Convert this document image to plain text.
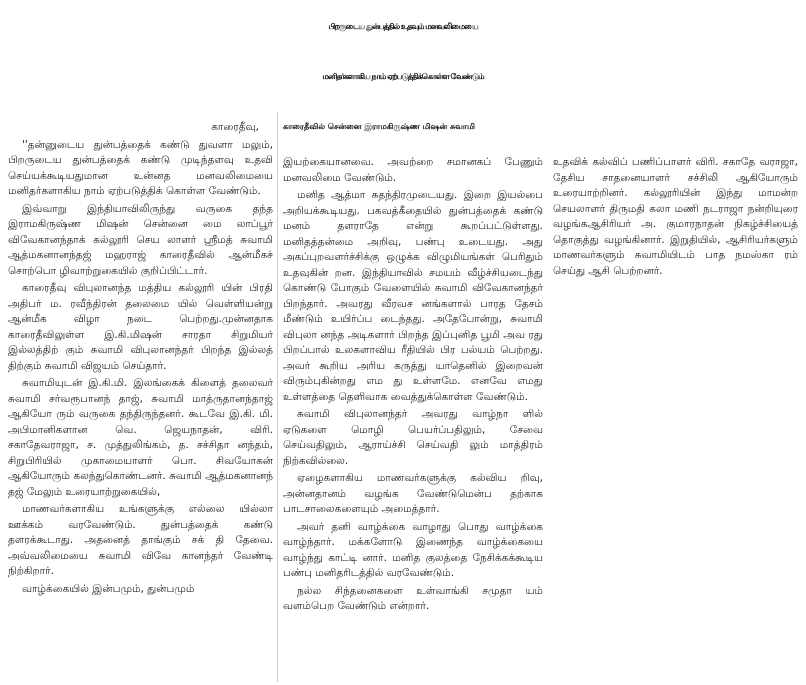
பிறருடைய துன்பத்தில் உதவும் மனவலிமையை
மனிதர்களாகிய நாம் ஏற்படுத்திக்கொள்ள வேண்டும்
காரைதீவில் சென்னை இராமகிருஷ்ண மிஷன் சுவாமி

காரைதீவு,

''தன்னுடைய துன்பத்தைக் கண்டு துவளா மலும், பிறருடைய துன்பத்தைக் கண்டு முடிந்தளவு உதவி செய்யக்கூடியதுமான உன்னத மனவலிமையை மனிதர்களாகிய நாம் ஏற்படுத்திக் கொள்ள வேண்டும்.

இவ்வாறு இந்தியாவிலிருந்து வருகை தந்த இராமகிருஷ்ண மிஷன் சென்னை மை லாப்பூர் விவேகானந்தாக் கல்லூரி செய லாளர் ஸ்ரீமத் சுவாமி ஆத்மகனானந்தஜ் மஹராஜ் காரைதீவில் ஆன்மீகச் சொற்பொ ழிவாற்றுகையில் குறிப்பிட்டார்.

காரைதீவு விபுலானந்த மத்திய கல்லூரி யின் பிரதி அதிபர் ம. ரவீந்திரன் தலைமை யில் வெள்ளியன்று ஆன்மீக விழா நடை பெற்றது.முன்னதாக காரைதீவிலுள்ள இ.கி.மிஷன் சாரதா சிறுமியர் இல்லத்திற் கும் சுவாமி விபுலானந்தர் பிறந்த இல்லத் திற்கும் சுவாமி விஜயம் செய்தார்.

சுவாமியுடன் இ.கி.மி. இலங்கைக் கிளைத் தலைவர் சுவாமி சர்வரூபானந் தாஜ், சுவாமி மாத்ருதானந்தாஜ் ஆகியோ ரும் வருகை தந்திருந்தனர். கூடவே இ.கி. மி. அபிமானிகளான வெ. ஜெயநாதன், விரி. சகாதேவராஜா, ச. முத்துலிங்கம், த. சச்சிதா னந்தம், சிறுபிரியில் முகாமையாளர் பொ. சிவயோகன் ஆகியோரும் கலந்துகொண்டனர். சுவாமி ஆத்மகனானந் தஜ் மேலும் உரையாற்றுகையில்,

மாணவர்களாகிய உங்களுக்கு எல்லை யில்லா ஊக்கம் வரவேண்டும். துன்பத்தைக் கண்டு தளரக்கூடாது. அதனைத் தாங்கும் சக் தி தேவை. அவ்வலிமையை சுவாமி விவே கானந்தர் வேண்டி நிற்கிறார்.

வாழ்க்கையில் இன்பமும், துன்பமும்

இயற்கையானவை. அவற்றை சமானகப் பேணும் மனவலிமை வேண்டும்.

மனித ஆத்மா சுதந்திரமுடையது. இறை இயல்பை அறியக்கூடியது. பகவத்கீதையில் துன்பத்தைக் கண்டு மனம் தளராதே என்று கூறப்பட்டுள்ளது. மனிதத்தன்மை அறிவு, பண்பு உடையது. அது அகப்புறவளர்ச்சிக்கு ஒழுக்க விழுமியங்கள் பெரிதும் உதவுகின் றன. இந்தியாவில் சமயம் வீழ்ச்சியடைந்து கொண்டு போகும் வேளையில் சுவாமி விவேகானந்தர் பிறந்தார். அவரது வீரவச னங்களால் பாரத தேசம் மீண்டும் உயிர்ப்ப டைந்தது. அதேபோன்று, சுவாமி விபுலா னந்த அடிகளார் பிறந்த இப்புனித பூமி அவ ரது பிறப்பால் உலகளாவிய ரீதியில் பிர பல்யம் பெற்றது. அவர் கூறிய அரிய கருத்து யாதெனில் இறைவன் விரும்புகின்றது எம து உள்ளமே. எனவே எமது உள்ளத்தை தெளிவாக வைத்துக்கொள்ள வேண்டும்.

சுவாமி விபுலானந்தர் அவரது வாழ்நா ளில் ஏடுகளை மொழி பெயர்ப்பதிலும், சேவை செய்வதிலும், ஆராய்ச்சி செய்வதி லும் மாத்திரம் நிற்கவில்லை.

ஏழைகளாகிய மாணவர்களுக்கு கல்விய றிவு, அன்னதானம் வழங்க வேண்டுமென்ப தற்காக பாடசாலைகளையும் அமைத்தார்.

அவர் தனி வாழ்க்கை வாழாது பொது வாழ்க்கை வாழ்ந்தார். மக்களோடு இணைந்த வாழ்க்கையை வாழ்ந்து காட்டி னார். மனித குலத்தை நேசிக்கக்கூடிய பண்பு மனிதரிடத்தில் வரவேண்டும்.

நல்ல சிந்தனைகளை உள்வாங்கி சமுதா யம் வளம்பெற வேண்டும் என்றார்.

உதவிக் கல்விப் பணிப்பாளர் விரி. சகாதே வராஜா, தேசிய சாதனையாளர் சச்சிலி ஆகியோரும் உரையாற்றினர். கல்லூரியின் இந்து மாமன்ற செயலாளர் திருமதி கலா மணி நடராஜா நன்றியுரை வழங்கஆசிரியர் அ. குமாரநாதன் நிகழ்ச்சியைத் தொகுத்து வழங்கினார். இறுதியில், ஆசிரியர்களும் மாணவர்களும் சுவாமியிடம் பாத நமஸ்கா ரம் செய்து ஆசி பெற்றனர்.
